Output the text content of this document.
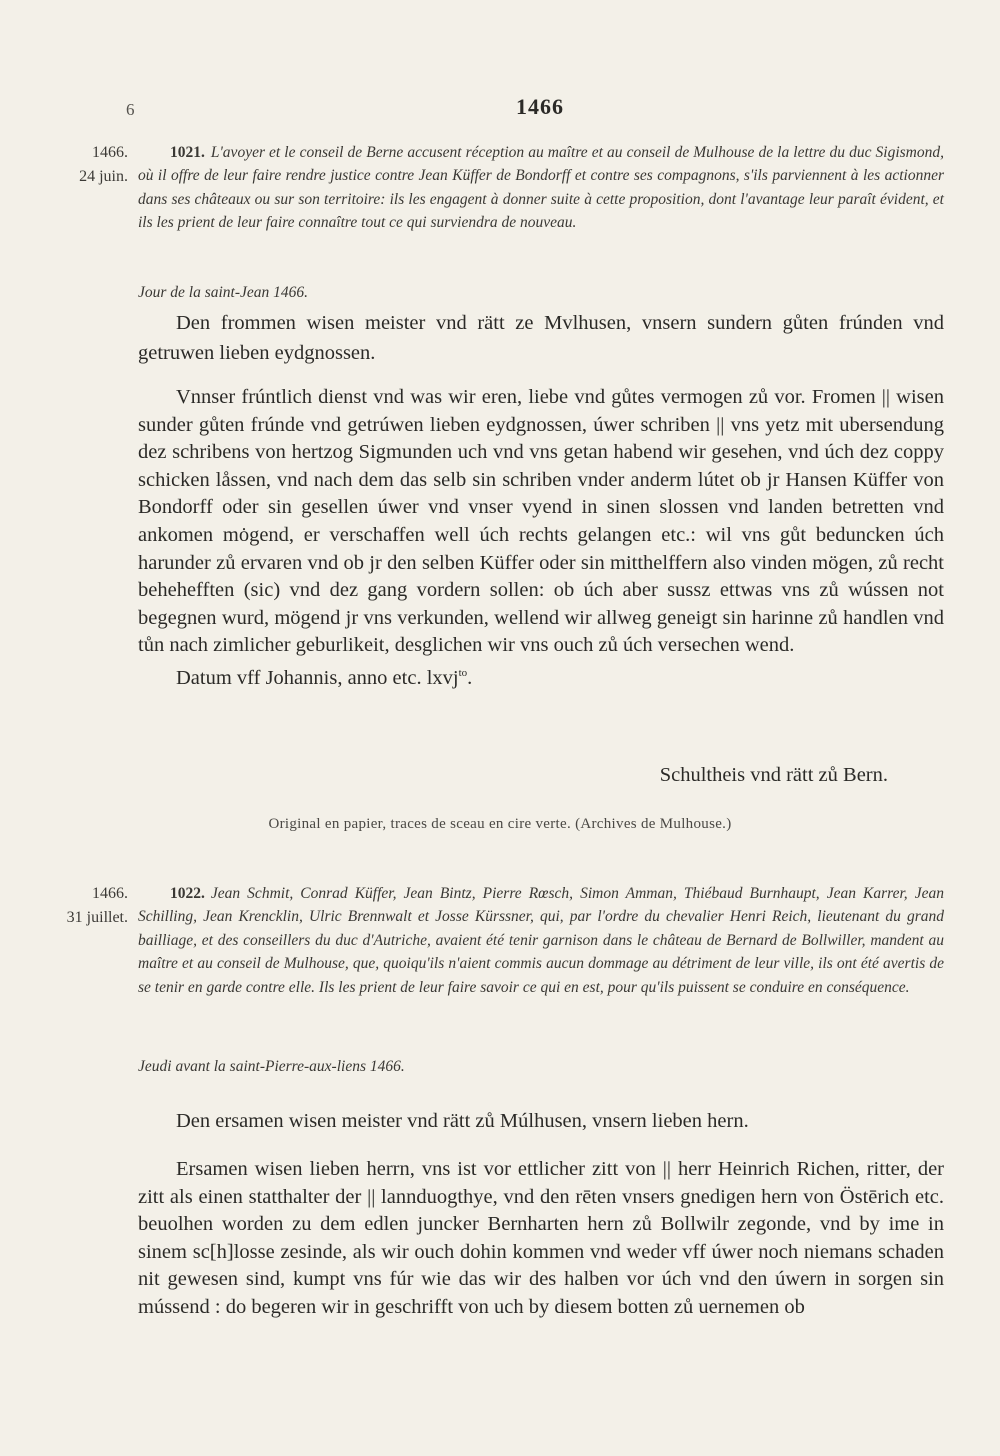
6	1466
1466.
24 juin.
1021. L'avoyer et le conseil de Berne accusent réception au maître et au conseil de Mulhouse de la lettre du duc Sigismond, où il offre de leur faire rendre justice contre Jean Küffer de Bondorff et contre ses compagnons, s'ils parviennent à les actionner dans ses châteaux ou sur son territoire: ils les engagent à donner suite à cette proposition, dont l'avantage leur paraît évident, et ils les prient de leur faire connaître tout ce qui surviendra de nouveau.
Jour de la saint-Jean 1466.
Den frommen wisen meister vnd rätt ze Mvlhusen, vnsern sundern gůten frúnden vnd getruwen lieben eydgnossen.

Vnnser frúntlich dienst vnd was wir eren, liebe vnd gůtes vermogen zů vor. Fromen || wisen sunder gůten frúnde vnd getrúwen lieben eydgnossen, úwer schriben || vns yetz mit ubersendung dez schribens von hertzog Sigmunden uch vnd vns getan habend wir gesehen, vnd úch dez coppy schicken låssen, vnd nach dem das selb sin schriben vnder anderm lútet ob jr Hansen Küffer von Bondorff oder sin gesellen úwer vnd vnser vyend in sinen slossen vnd landen betretten vnd ankomen mȯgend, er verschaffen well úch rechts gelangen etc.: wil vns gůt beduncken úch harunder zů ervaren vnd ob jr den selben Küffer oder sin mitthelffern also vinden mögen, zů recht behehefften (sic) vnd dez gang vordern sollen: ob úch aber sussz ettwas vns zů wússen not begegnen wurd, mögend jr vns verkunden, wellend wir allweg geneigt sin harinne zů handlen vnd tůn nach zimlicher geburlikeit, desglichen wir vns ouch zů úch versechen wend.

Datum vff Johannis, anno etc. lxvj$^{to}$.

Schultheis vnd rätt zů Bern.
Original en papier, traces de sceau en cire verte. (Archives de Mulhouse.)
1466.
31 juillet.
1022. Jean Schmit, Conrad Küffer, Jean Bintz, Pierre Rœsch, Simon Amman, Thiébaud Burnhaupt, Jean Karrer, Jean Schilling, Jean Krencklin, Ulric Brennwalt et Josse Kürssner, qui, par l'ordre du chevalier Henri Reich, lieutenant du grand bailliage, et des conseillers du duc d'Autriche, avaient été tenir garnison dans le château de Bernard de Bollwiller, mandent au maître et au conseil de Mulhouse, que, quoiqu'ils n'aient commis aucun dommage au détriment de leur ville, ils ont été avertis de se tenir en garde contre elle. Ils les prient de leur faire savoir ce qui en est, pour qu'ils puissent se conduire en conséquence.
Jeudi avant la saint-Pierre-aux-liens 1466.
Den ersamen wisen meister vnd rätt zů Múlhusen, vnsern lieben hern.

Ersamen wisen lieben herrn, vns ist vor ettlicher zitt von || herr Heinrich Richen, ritter, der zitt als einen statthalter der || lannduogthye, vnd den rēten vnsers gnedigen hern von Östērich etc. beuolhen worden zu dem edlen juncker Bernharten hern zů Bollwilr zegonde, vnd by ime in sinem sc[h]losse zesinde, als wir ouch dohin kommen vnd weder vff úwer noch niemans schaden nit gewesen sind, kumpt vns fúr wie das wir des halben vor úch vnd den úwern in sorgen sin mússend : do begeren wir in geschrifft von uch by diesem botten zů uernemen ob
